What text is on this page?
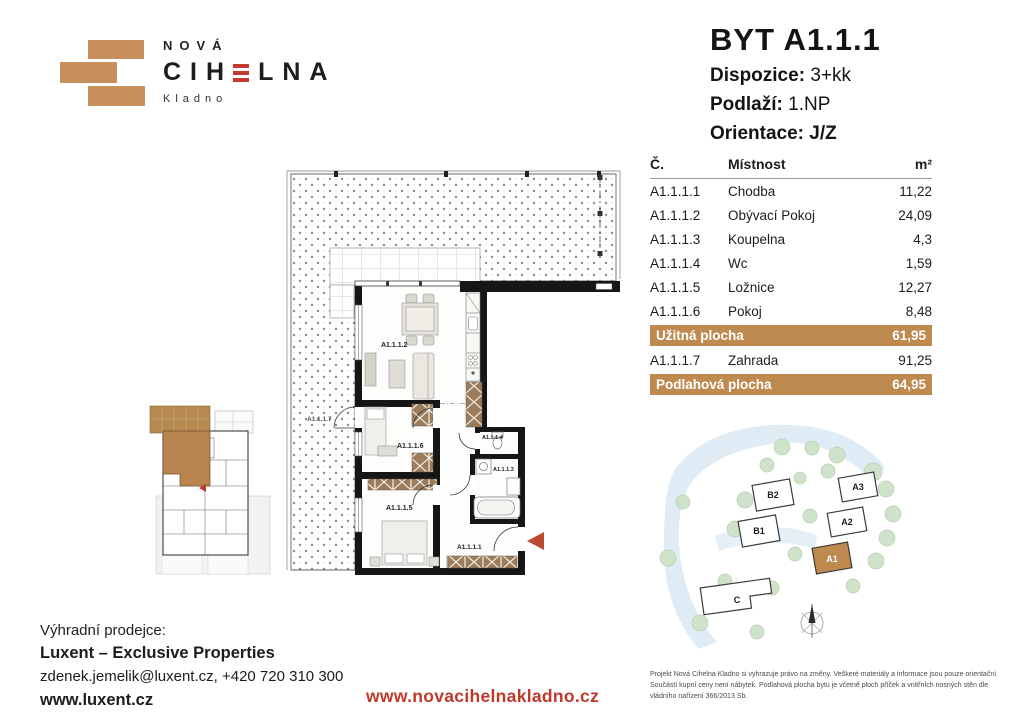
NOVÁ
CIH LNA
Kladno
BYT A1.1.1
Dispozice: 3+kk
Podlaží: 1.NP
Orientace: J/Z
Č.	Místnost	m²
A1.1.1.1	Chodba	11,22
A1.1.1.2	Obývací Pokoj	24,09
A1.1.1.3	Koupelna	4,3
A1.1.1.4	Wc	1,59
A1.1.1.5	Ložnice	12,27
A1.1.1.6	Pokoj	8,48
Užitná plocha	61,95
A1.1.1.7	Zahrada	91,25
Podlahová plocha	64,95
A1.1.1.2
A1.1.1.6
A1.1.1.5
A1.1.1.4
A1.1.1.3
A1.1.1.1
A1.1.1.7
B2
B1
A3
A2
A1
C
Výhradní prodejce:
Luxent – Exclusive Properties
zdenek.jemelik@luxent.cz, +420 720 310 300
www.luxent.cz	www.novacihelnakladno.cz
Projekt Nová Cihelna Kladno si vyhrazuje právo na změny. Veškeré materiály a informace jsou pouze orientační. Součástí kupní ceny není nábytek. Podlahová plocha bytu je včetně ploch příček a vnitřních nosných stěn dle vládního nařízení 366/2013 Sb.
